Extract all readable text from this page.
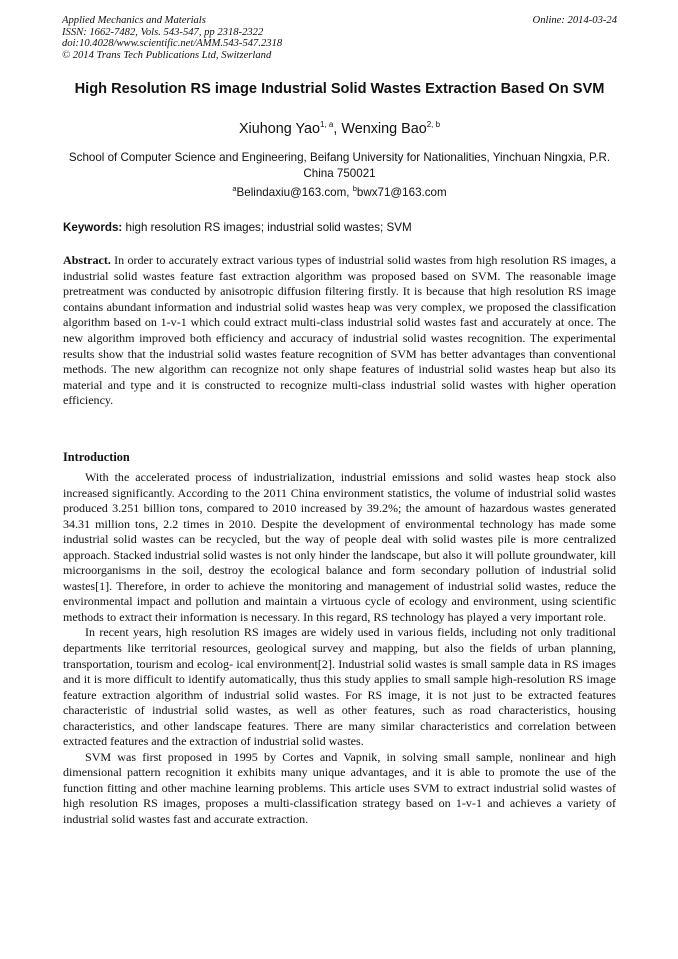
Applied Mechanics and Materials
ISSN: 1662-7482, Vols. 543-547, pp 2318-2322
doi:10.4028/www.scientific.net/AMM.543-547.2318
© 2014 Trans Tech Publications Ltd, Switzerland
Online: 2014-03-24
High Resolution RS image Industrial Solid Wastes Extraction Based On SVM
Xiuhong Yao$^{1, a}$, Wenxing Bao$^{2, b}$
School of Computer Science and Engineering, Beifang University for Nationalities, Yinchuan Ningxia, P.R. China 750021
$^a$Belindaxiu@163.com, $^b$bwx71@163.com
Keywords: high resolution RS images; industrial solid wastes; SVM
Abstract. In order to accurately extract various types of industrial solid wastes from high resolution RS images, a industrial solid wastes feature fast extraction algorithm was proposed based on SVM. The reasonable image pretreatment was conducted by anisotropic diffusion filtering firstly. It is because that high resolution RS image contains abundant information and industrial solid wastes heap was very complex, we proposed the classification algorithm based on 1-v-1 which could extract multi-class industrial solid wastes fast and accurately at once. The new algorithm improved both efficiency and accuracy of industrial solid wastes recognition. The experimental results show that the industrial solid wastes feature recognition of SVM has better advantages than conventional methods. The new algorithm can recognize not only shape features of industrial solid wastes heap but also its material and type and it is constructed to recognize multi-class industrial solid wastes with higher operation efficiency.
Introduction

With the accelerated process of industrialization, industrial emissions and solid wastes heap stock also increased significantly. According to the 2011 China environment statistics, the volume of industrial solid wastes produced 3.251 billion tons, compared to 2010 increased by 39.2%; the amount of hazardous wastes generated 34.31 million tons, 2.2 times in 2010. Despite the development of environmental technology has made some industrial solid wastes can be recycled, but the way of people deal with solid wastes pile is more centralized approach. Stacked industrial solid wastes is not only hinder the landscape, but also it will pollute groundwater, kill microorganisms in the soil, destroy the ecological balance and form secondary pollution of industrial solid wastes[1]. Therefore, in order to achieve the monitoring and management of industrial solid wastes, reduce the environmental impact and pollution and maintain a virtuous cycle of ecology and environment, using scientific methods to extract their information is necessary. In this regard, RS technology has played a very important role.

In recent years, high resolution RS images are widely used in various fields, including not only traditional departments like territorial resources, geological survey and mapping, but also the fields of urban planning, transportation, tourism and ecolog- ical environment[2]. Industrial solid wastes is small sample data in RS images and it is more difficult to identify automatically, thus this study applies to small sample high-resolution RS image feature extraction algorithm of industrial solid wastes. For RS image, it is not just to be extracted features characteristic of industrial solid wastes, as well as other features, such as road characteristics, housing characteristics, and other landscape features. There are many similar characteristics and correlation between extracted features and the extraction of industrial solid wastes.

SVM was first proposed in 1995 by Cortes and Vapnik, in solving small sample, nonlinear and high dimensional pattern recognition it exhibits many unique advantages, and it is able to promote the use of the function fitting and other machine learning problems. This article uses SVM to extract industrial solid wastes of high resolution RS images, proposes a multi-classification strategy based on 1-v-1 and achieves a variety of industrial solid wastes fast and accurate extraction.
